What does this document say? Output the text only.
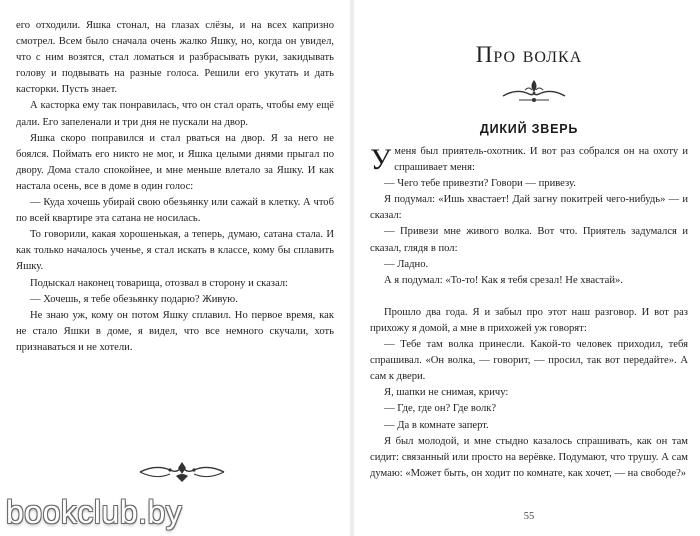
его отходили. Яшка стонал, на глазах слёзы, и на всех капризно смотрел. Всем было сначала очень жалко Яшку, но, когда он увидел, что с ним возятся, стал ломаться и разбрасывать руки, закидывать голову и подвывать на разные голоса. Решили его укутать и дать касторки. Пусть знает.

А касторка ему так понравилась, что он стал орать, чтобы ему ещё дали. Его запеленали и три дня не пускали на двор.

Яшка скоро поправился и стал рваться на двор. Я за него не боялся. Поймать его никто не мог, и Яшка целыми днями прыгал по двору. Дома стало спокойнее, и мне меньше влетало за Яшку. И как настала осень, все в доме в один голос:

— Куда хочешь убирай свою обезьянку или сажай в клетку. А чтоб по всей квартире эта сатана не носилась.

То говорили, какая хорошенькая, а теперь, думаю, сатана стала. И как только началось ученье, я стал искать в классе, кому бы сплавить Яшку.

Подыскал наконец товарища, отозвал в сторону и сказал:

— Хочешь, я тебе обезьянку подарю? Живую.

Не знаю уж, кому он потом Яшку сплавил. Но первое время, как не стало Яшки в доме, я видел, что все немного скучали, хоть признаваться и не хотели.

Про волка
ДИКИЙ ЗВЕРЬ

У меня был приятель-охотник. И вот раз собрался он на охоту и спрашивает меня:

— Чего тебе привезти? Говори — привезу.

Я подумал: «Ишь хвастает! Дай загну покитрей чего-нибудь» — и сказал:

— Привези мне живого волка. Вот что. Приятель задумался и сказал, глядя в пол:

— Ладно.

А я подумал: «То-то! Как я тебя срезал! Не хвастай».

Прошло два года. Я и забыл про этот наш разговор. И вот раз прихожу я домой, а мне в прихожей уж говорят:

— Тебе там волка принесли. Какой-то человек приходил, тебя спрашивал. «Он волка, — говорит, — просил, так вот передайте». А сам к двери.

Я, шапки не снимая, кричу:

— Где, где он? Где волк?

— Да в комнате заперт.

Я был молодой, и мне стыдно казалось спрашивать, как он там сидит: связанный или просто на верёвке. Подумают, что трушу. А сам думаю: «Может быть, он ходит по комнате, как хочет, — на свободе?»

55
bookclub.by
